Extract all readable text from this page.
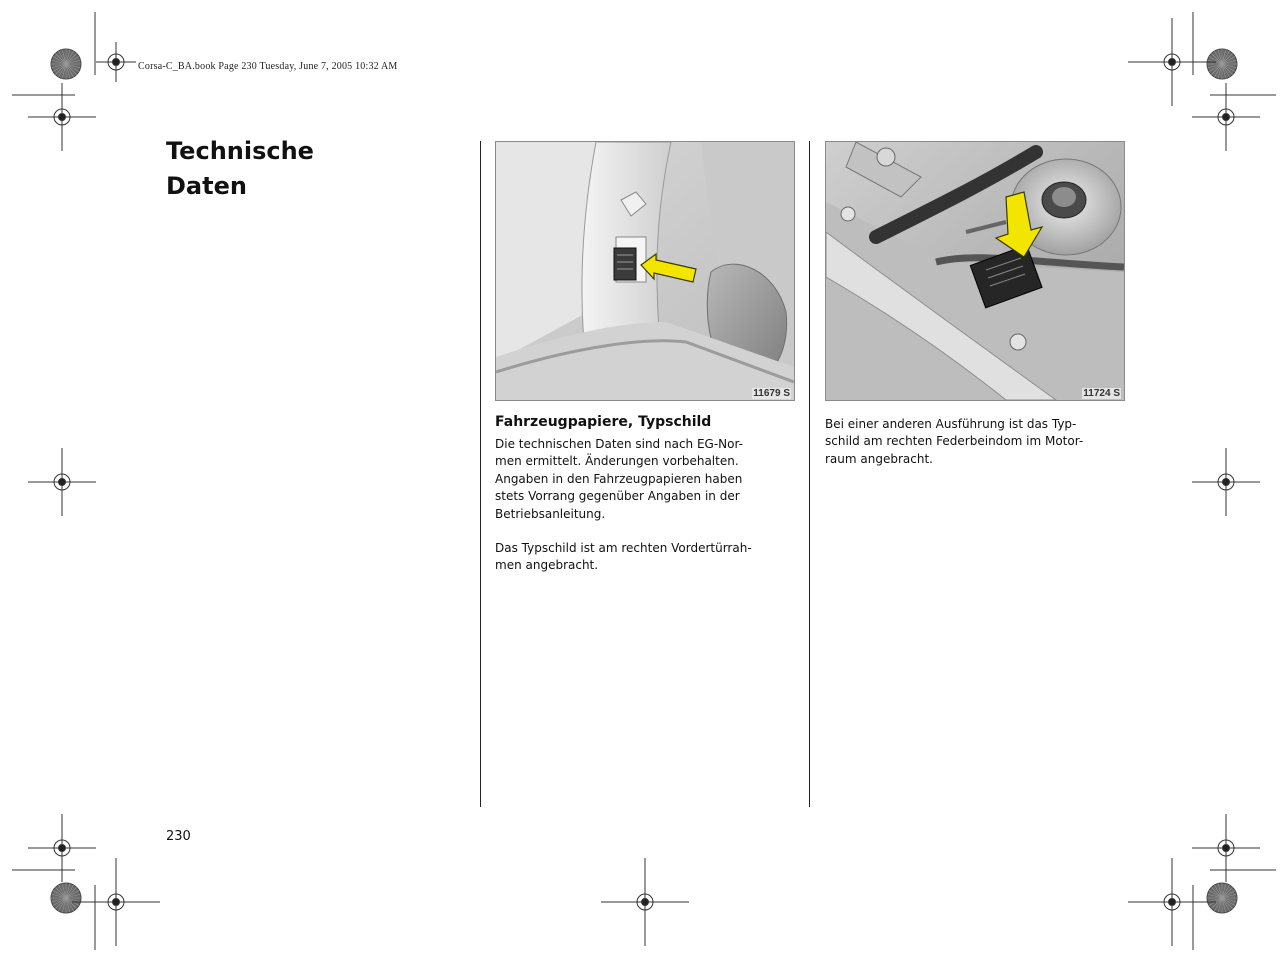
Corsa-C_BA.book Page 230 Tuesday, June 7, 2005 10:32 AM
Technische
Daten
11679 S	11724 S
Fahrzeugpapiere, Typschild
Die technischen Daten sind nach EG-Nor-
men ermittelt. Änderungen vorbehalten.
Angaben in den Fahrzeugpapieren haben
stets Vorrang gegenüber Angaben in der
Betriebsanleitung.
Das Typschild ist am rechten Vordertürrah-
men angebracht.
Bei einer anderen Ausführung ist das Typ-
schild am rechten Federbeindom im Motor-
raum angebracht.
230
